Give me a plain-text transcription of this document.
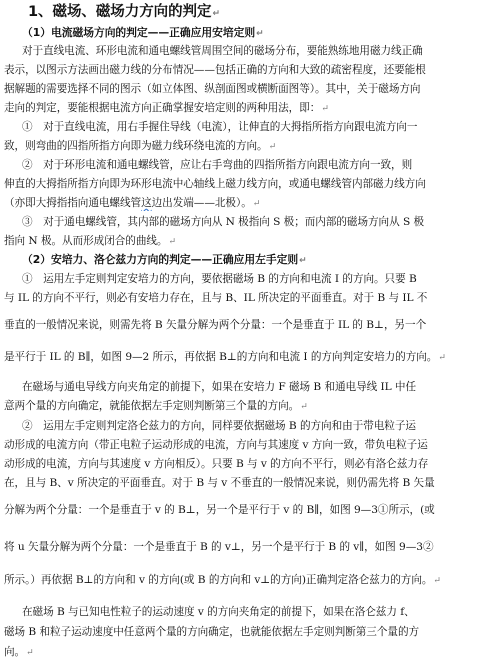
1、磁场、磁场力方向的判定↵
（1）电流磁场方向的判定——正确应用安培定则↵
对于直线电流、环形电流和通电螺线管周围空间的磁场分布，要能熟练地用磁力线正确
表示，以图示方法画出磁力线的分布情况——包括正确的方向和大致的疏密程度，还要能根
据解题的需要选择不同的图示（如立体图、纵剖面图或横断面图等）。其中，关于磁场方向
走向的判定，要能根据电流方向正确掌握安培定则的两种用法，即：↵
①　对于直线电流，用右手握住导线（电流），让伸直的大拇指所指方向跟电流方向一
致，则弯曲的四指所指方向即为磁力线环绕电流的方向。↵
②　对于环形电流和通电螺线管，应让右手弯曲的四指所指方向跟电流方向一致，则
伸直的大拇指所指方向即为环形电流中心轴线上磁力线方向，或通电螺线管内部磁力线方向
（亦即大拇指指向通电螺线管这边出发端——北极）。↵
③　对于通电螺线管，其内部的磁场方向从 N 极指向 S 极；而内部的磁场方向从 S 极
指向 N 极。从而形成闭合的曲线。↵
（2）安培力、洛仑兹力方向的判定——正确应用左手定则↵
①　运用左手定则判定安培力的方向，要依据磁场 B 的方向和电流 I 的方向。只要 B
与 IL 的方向不平行，则必有安培力存在，且与 B、IL 所决定的平面垂直。对于 B 与 IL 不
垂直的一般情况来说，则需先将 B 矢量分解为两个分量：一个是垂直于 IL 的 B⊥，另一个
是平行于 IL 的 B∥，如图 9—2 所示，再依据 B⊥的方向和电流 I 的方向判定安培力的方向。↵
在磁场与通电导线方向夹角定的前提下，如果在安培力 F 磁场 B 和通电导线 IL 中任
意两个量的方向确定，就能依据左手定则判断第三个量的方向。↵
②　运用左手定则判定洛仑兹力的方向，同样要依据磁场 B 的方向和由于带电粒子运
动形成的电流方向（带正电粒子运动形成的电流，方向与其速度 v 方向一致，带负电粒子运
动形成的电流，方向与其速度 v 方向相反）。只要 B 与 v 的方向不平行，则必有洛仑兹力存
在，且与 B、v 所决定的平面垂直。对于 B 与 v 不垂直的一般情况来说，则仍需先将 B 矢量
分解为两个分量：一个是垂直于 v 的 B⊥，另一个是平行于 v 的 B∥，如图 9—3①所示，(或
将 u 矢量分解为两个分量：一个是垂直于 B 的 v⊥，另一个是平行于 B 的 v∥，如图 9—3②
所示。）再依据 B⊥的方向和 v 的方向(或 B 的方向和 v⊥的方向)正确判定洛仑兹力的方向。↵
在磁场 B 与已知电性粒子的运动速度 v 的方向夹角定的前提下，如果在洛仑兹力 f、
磁场 B 和粒子运动速度中任意两个量的方向确定，也就能依据左手定则判断第三个量的方
向。↵
